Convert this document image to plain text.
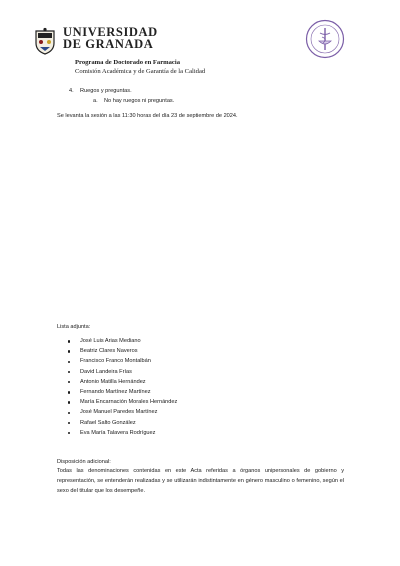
UNIVERSIDAD
DE GRANADA
Programa de Doctorado en Farmacia
Comisión Académica y de Garantía de la Calidad
4. Ruegos y preguntas.
a. No hay ruegos ni preguntas.
Se levanta la sesión a las 11:30 horas del día 23 de septiembre de 2024.
Lista adjunta:
José Luis Arias Mediano
Beatriz Clares Naveros
Francisco Franco Montalbán
David Landeira Frías
Antonio Matilla Hernández
Fernando Martínez Martínez
María Encarnación Morales Hernández
José Manuel Paredes Martínez
Rafael Salto González
Eva María Talavera Rodríguez
Disposición adicional:
Todas las denominaciones contenidas en este Acta referidas a órganos unipersonales de gobierno y representación, se entenderán realizadas y se utilizarán indistintamente en género masculino o femenino, según el sexo del titular que los desempeñe.
